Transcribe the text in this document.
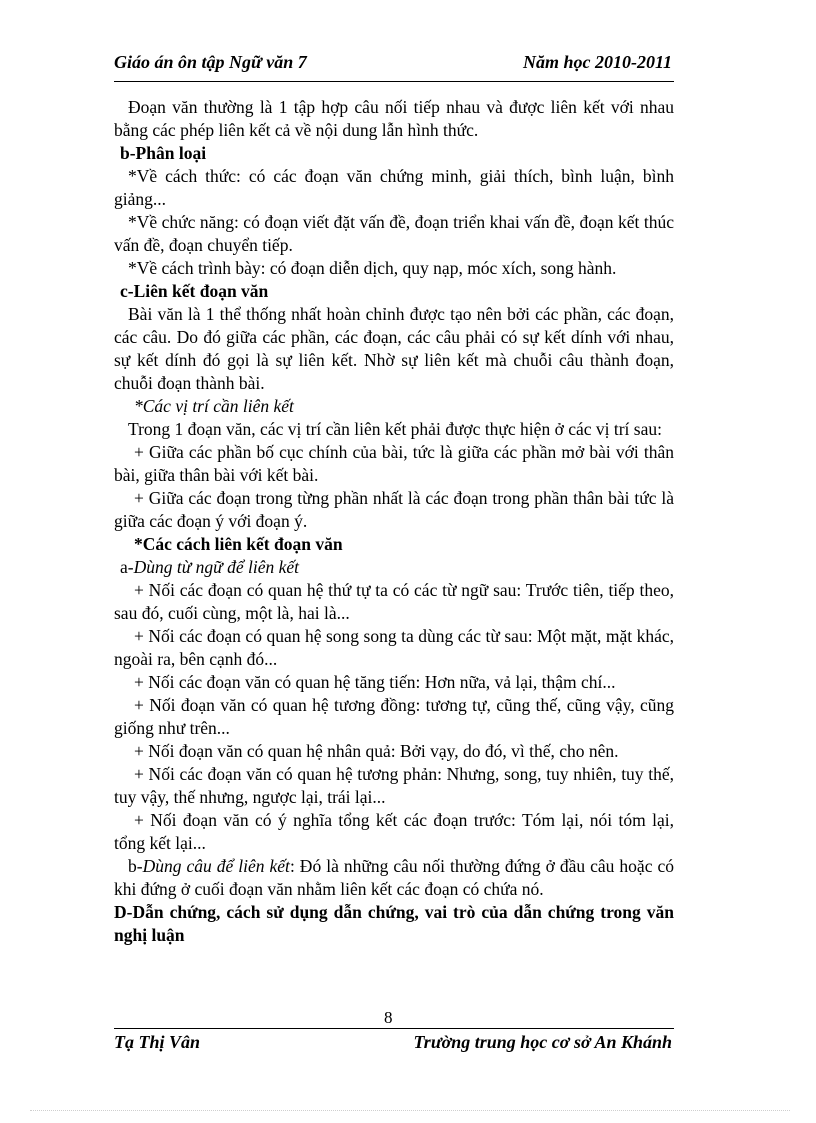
Giáo án ôn tập Ngữ văn 7	Năm học 2010-2011

Đoạn văn thường là 1 tập hợp câu nối tiếp nhau và được liên kết với nhau bằng các phép liên kết cả về nội dung lẫn hình thức.

b-Phân loại

*Về cách thức: có các đoạn văn chứng minh, giải thích, bình luận, bình giảng...

*Về chức năng: có đoạn viết đặt vấn đề, đoạn triển khai vấn đề, đoạn kết thúc vấn đề, đoạn chuyển tiếp.

*Về cách trình bày: có đoạn diễn dịch, quy nạp, móc xích, song hành.

c-Liên kết đoạn văn

Bài văn là 1 thể thống nhất hoàn chỉnh được tạo nên bởi các phần, các đoạn, các câu. Do đó giữa các phần, các đoạn, các câu phải có sự kết dính với nhau, sự kết dính đó gọi là sự liên kết. Nhờ sự liên kết mà chuỗi câu thành đoạn, chuỗi đoạn thành bài.

*Các vị trí cần liên kết

Trong 1 đoạn văn, các vị trí cần liên kết phải được thực hiện ở các vị trí sau:

+ Giữa các phần bố cục chính của bài, tức là giữa các phần mở bài với thân bài, giữa thân bài với kết bài.

+ Giữa các đoạn trong từng phần nhất là các đoạn trong phần thân bài tức là giữa các đoạn ý với đoạn ý.

*Các cách liên kết đoạn văn

a-Dùng từ ngữ để liên kết

+ Nối các đoạn có quan hệ thứ tự ta có các từ ngữ sau: Trước tiên, tiếp theo, sau đó, cuối cùng, một là, hai là...

+ Nối các đoạn có quan hệ song song ta dùng các từ sau: Một mặt, mặt khác, ngoài ra, bên cạnh đó...

+ Nối các đoạn văn có quan hệ tăng tiến: Hơn nữa, vả lại, thậm chí...

+ Nối đoạn văn có quan hệ tương đồng: tương tự, cũng thế, cũng vậy, cũng giống như trên...

+ Nối đoạn văn có quan hệ nhân quả: Bởi vạy, do đó, vì thế, cho nên.

+ Nối các đoạn văn có quan hệ tương phản: Nhưng, song, tuy nhiên, tuy thế, tuy vậy, thế nhưng, ngược lại, trái lại...

+ Nối đoạn văn có ý nghĩa tổng kết các đoạn trước: Tóm lại, nói tóm lại, tổng kết lại...

b-Dùng câu để liên kết: Đó là những câu nối thường đứng ở đầu câu hoặc có khi đứng ở cuối đoạn văn nhằm liên kết các đoạn có chứa nó.

D-Dẫn chứng, cách sử dụng dẫn chứng, vai trò của dẫn chứng trong văn nghị luận

8
Tạ Thị Vân	Trường trung học cơ sở An Khánh
